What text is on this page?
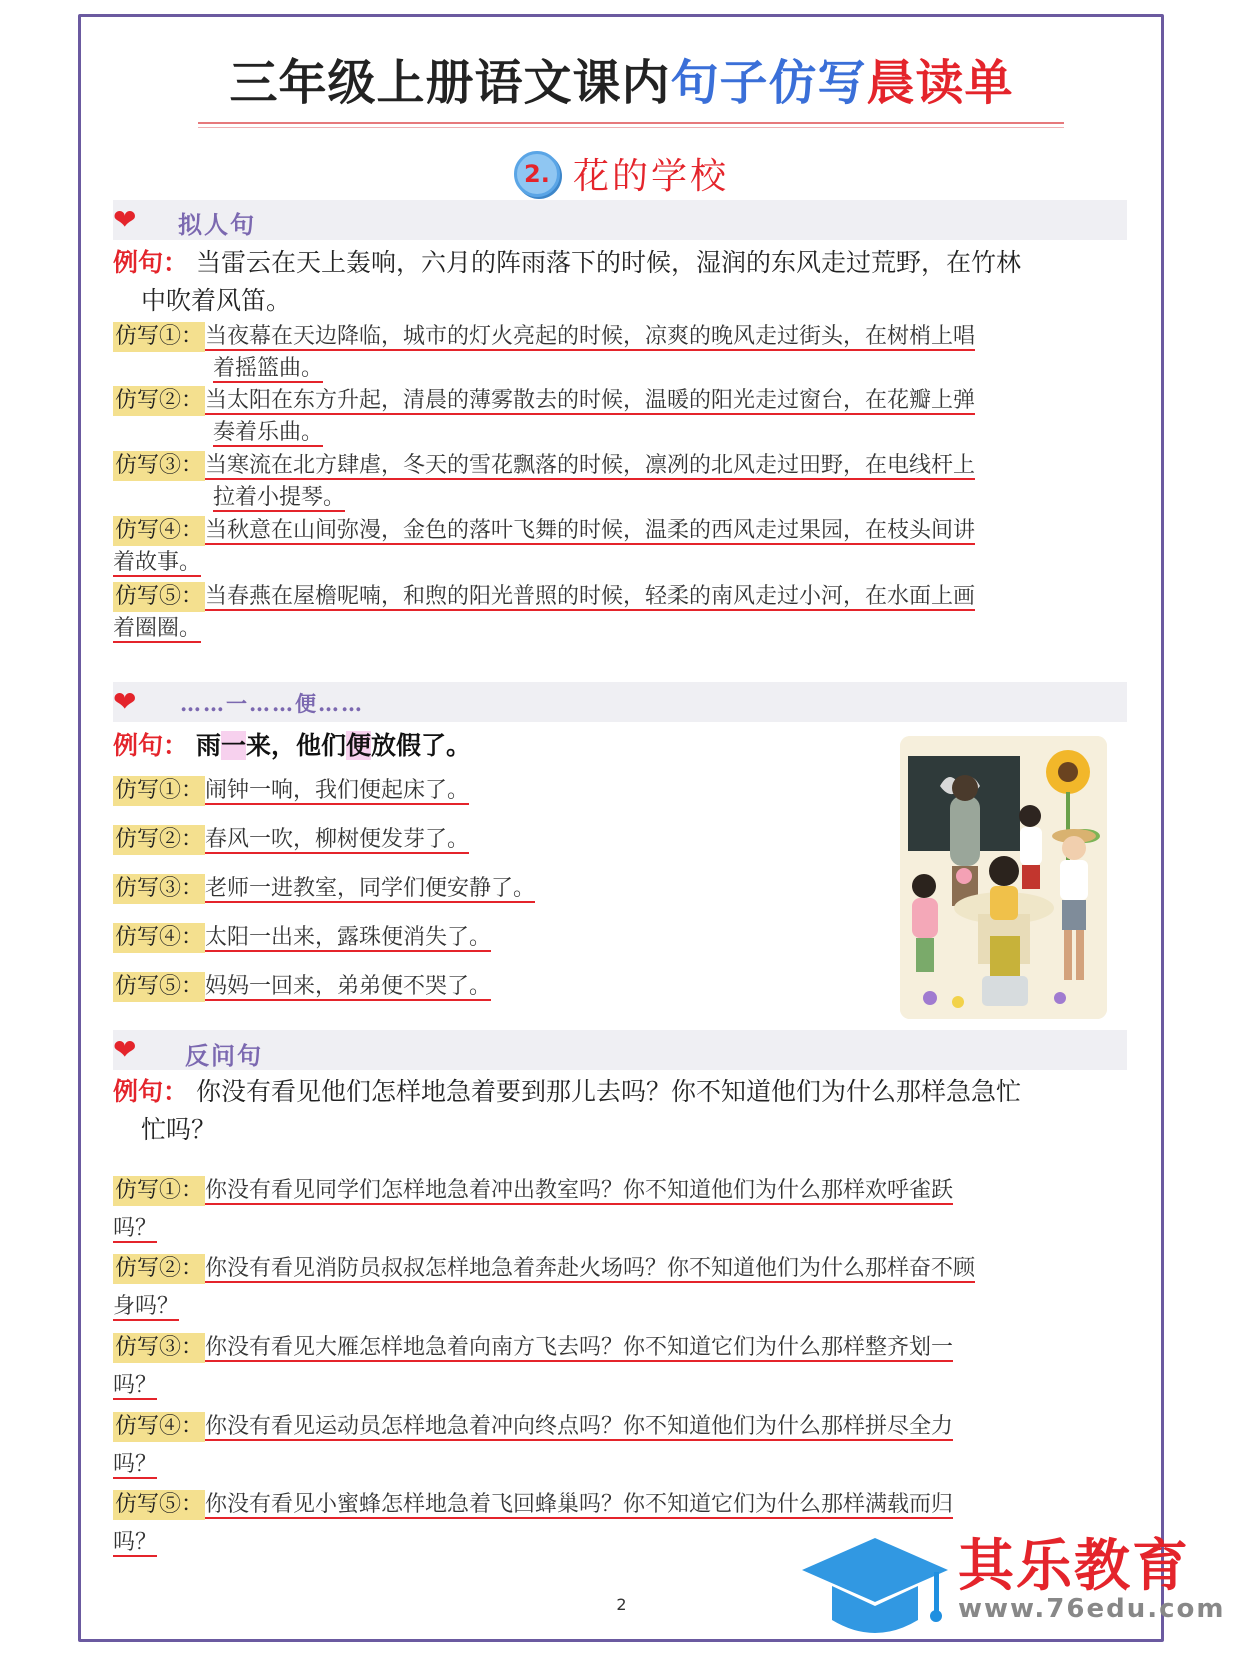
三年级上册语文课内句子仿写晨读单
2. 花的学校
❤ 拟人句
例句： 当雷云在天上轰响，六月的阵雨落下的时候，湿润的东风走过荒野，在竹林
中吹着风笛。
仿写①：当夜幕在天边降临，城市的灯火亮起的时候，凉爽的晚风走过街头，在树梢上唱
着摇篮曲。
仿写②：当太阳在东方升起，清晨的薄雾散去的时候，温暖的阳光走过窗台，在花瓣上弹
奏着乐曲。
仿写③：当寒流在北方肆虐，冬天的雪花飘落的时候，凛冽的北风走过田野，在电线杆上
拉着小提琴。
仿写④：当秋意在山间弥漫，金色的落叶飞舞的时候，温柔的西风走过果园，在枝头间讲
着故事。
仿写⑤：当春燕在屋檐呢喃，和煦的阳光普照的时候，轻柔的南风走过小河，在水面上画
着圈圈。
❤ ……一……便……
例句： 雨一来，他们便放假了。
仿写①：闹钟一响，我们便起床了。
仿写②：春风一吹，柳树便发芽了。
仿写③：老师一进教室，同学们便安静了。
仿写④：太阳一出来，露珠便消失了。
仿写⑤：妈妈一回来，弟弟便不哭了。
❤ 反问句
例句： 你没有看见他们怎样地急着要到那儿去吗？你不知道他们为什么那样急急忙
忙吗？
仿写①：你没有看见同学们怎样地急着冲出教室吗？你不知道他们为什么那样欢呼雀跃
吗？
仿写②：你没有看见消防员叔叔怎样地急着奔赴火场吗？你不知道他们为什么那样奋不顾
身吗？
仿写③：你没有看见大雁怎样地急着向南方飞去吗？你不知道它们为什么那样整齐划一
吗？
仿写④：你没有看见运动员怎样地急着冲向终点吗？你不知道他们为什么那样拼尽全力
吗？
仿写⑤：你没有看见小蜜蜂怎样地急着飞回蜂巢吗？你不知道它们为什么那样满载而归
吗？
2
其乐教育
www.76edu.com
